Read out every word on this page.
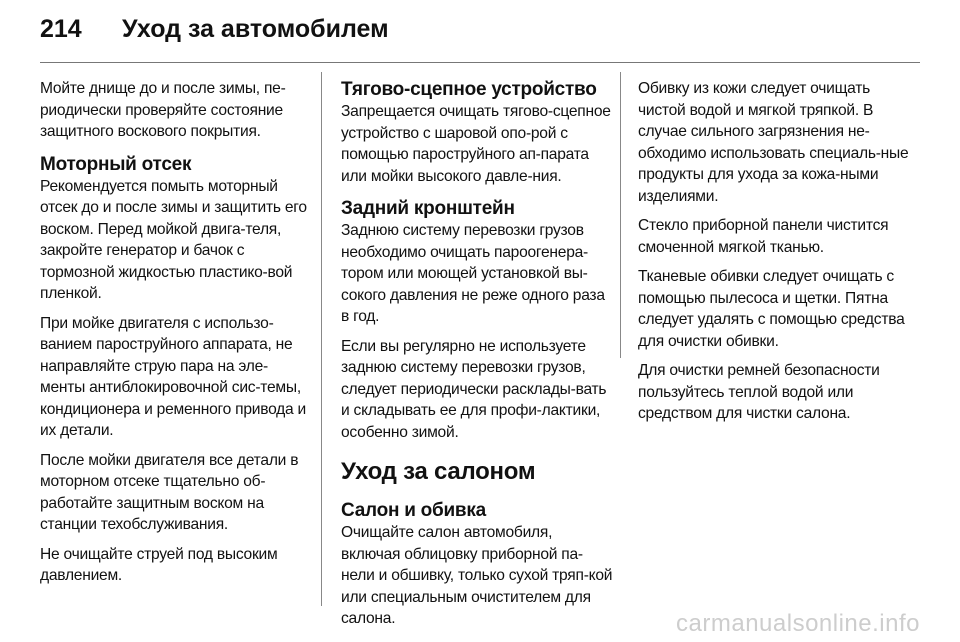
214 Уход за автомобилем

Мойте днище до и после зимы, пе-риодически проверяйте состояние защитного воскового покрытия.

Моторный отсек

Рекомендуется помыть моторный отсек до и после зимы и защитить его воском. Перед мойкой двига-теля, закройте генератор и бачок с тормозной жидкостью пластико-вой пленкой.

При мойке двигателя с использо-ванием пароструйного аппарата, не направляйте струю пара на эле-менты антиблокировочной сис-темы, кондиционера и ременного привода и их детали.

После мойки двигателя все детали в моторном отсеке тщательно об-работайте защитным воском на станции техобслуживания.

Не очищайте струей под высоким давлением.

Тягово-сцепное устройство

Запрещается очищать тягово-сцепное устройство с шаровой опо-рой с помощью пароструйного ап-парата или мойки высокого давле-ния.

Задний кронштейн

Заднюю систему перевозки грузов необходимо очищать пароогенера-тором или моющей установкой вы-сокого давления не реже одного раза в год.

Если вы регулярно не используете заднюю систему перевозки грузов, следует периодически расклады-вать и складывать ее для профи-лактики, особенно зимой.

Уход за салоном
Салон и обивка

Очищайте салон автомобиля, включая облицовку приборной па-нели и обшивку, только сухой тряп-кой или специальным очистителем для салона.

Обивку из кожи следует очищать чистой водой и мягкой тряпкой. В случае сильного загрязнения не-обходимо использовать специаль-ные продукты для ухода за кожа-ными изделиями.

Стекло приборной панели чистится смоченной мягкой тканью.

Тканевые обивки следует очищать с помощью пылесоса и щетки. Пятна следует удалять с помощью средства для очистки обивки.

Для очистки ремней безопасности пользуйтесь теплой водой или средством для чистки салона.

carmanualsonline.info
